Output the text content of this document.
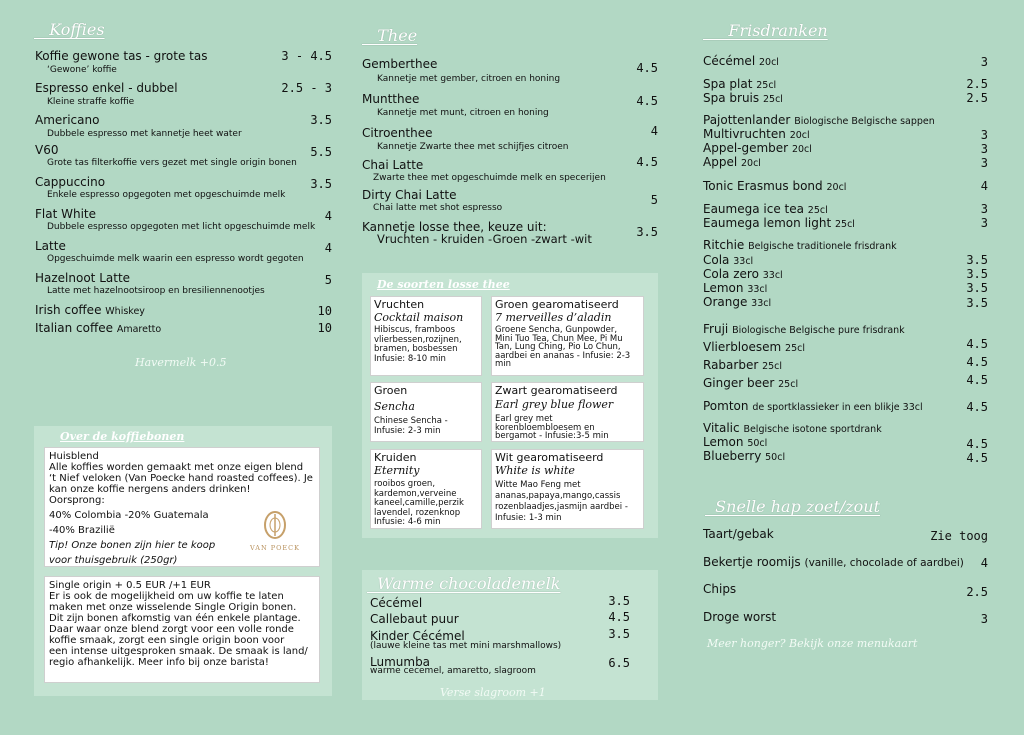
Koffies
Koffie gewone tas - grote tas	3 - 4.5
‘Gewone’ koffie
Espresso enkel - dubbel	2.5 - 3
Kleine straffe koffie
Americano	3.5
Dubbele espresso met kannetje heet water
V60	5.5
Grote tas filterkoffie vers gezet met single origin bonen
Cappuccino	3.5
Enkele espresso opgegoten met opgeschuimde melk
Flat White	4
Dubbele espresso opgegoten met licht opgeschuimde melk
Latte	4
Opgeschuimde melk waarin een espresso wordt gegoten
Hazelnoot Latte	5
Latte met hazelnootsiroop en bresiliennenootjes
Irish coffee Whiskey	10
Italian coffee Amaretto	10
Havermelk +0.5
Over de koffiebonen
Huisblend
Alle koffies worden gemaakt met onze eigen blend
‘t Nief veloken (Van Poecke hand roasted coffees). Je
kan onze koffie nergens anders drinken!
Oorsprong:
40% Colombia -20% Guatemala
-40% Brazilië
Tip! Onze bonen zijn hier te koop
voor thuisgebruik (250gr)
VAN POECK
Single origin + 0.5 EUR /+1 EUR
Er is ook de mogelijkheid om uw koffie te laten
maken met onze wisselende Single Origin bonen.
Dit zijn bonen afkomstig van één enkele plantage.
Daar waar onze blend zorgt voor een volle ronde
koffie smaak, zorgt een single origin boon voor
een intense uitgesproken smaak. De smaak is land/
regio afhankelijk. Meer info bij onze barista!
Thee
Gemberthee	4.5
Kannetje met gember, citroen en honing
Muntthee	4.5
Kannetje met munt, citroen en honing
Citroenthee	4
Kannetje Zwarte thee met schijfjes citroen
Chai Latte	4.5
Zwarte thee met opgeschuimde melk en specerijen
Dirty Chai Latte	5
Chai latte met shot espresso
Kannetje losse thee, keuze uit:	3.5
Vruchten - kruiden -Groen -zwart -wit
De soorten losse thee
Vruchten
Cocktail maison
Hibiscus, framboos
vlierbessen,rozijnen,
bramen, bosbessen
Infusie: 8-10 min
Groen gearomatiseerd
7 merveilles d’aladin
Groene Sencha, Gunpowder,
Mini Tuo Tea, Chun Mee, Pi Mu
Tan, Lung Ching, Pio Lo Chun,
aardbei en ananas - Infusie: 2-3
min
Groen
Sencha
Chinese Sencha -
Infusie: 2-3 min
Zwart gearomatiseerd
Earl grey blue flower
Earl grey met
korenbloembloesem en
bergamot - Infusie:3-5 min
Kruiden
Eternity
rooibos groen,
kardemon,verveine
kaneel,camille,perzik
lavendel, rozenknop
Infusie: 4-6 min
Wit gearomatiseerd
White is white
Witte Mao Feng met
ananas,papaya,mango,cassis
rozenblaadjes,jasmijn aardbei -
Infusie: 1-3 min
Warme chocolademelk
Cécémel	3.5
Callebaut puur	4.5
Kinder Cécémel	3.5
(lauwe kleine tas met mini marshmallows)
Lumumba	6.5
warme cecemel, amaretto, slagroom
Verse slagroom +1
Frisdranken
Cécémel 20cl	3
Spa plat 25cl	2.5
Spa bruis 25cl	2.5
Pajottenlander Biologische Belgische sappen
Multivruchten 20cl	3
Appel-gember 20cl	3
Appel 20cl	3
Tonic Erasmus bond 20cl	4
Eaumega ice tea 25cl	3
Eaumega lemon light 25cl	3
Ritchie Belgische traditionele frisdrank
Cola 33cl	3.5
Cola zero 33cl	3.5
Lemon 33cl	3.5
Orange 33cl	3.5
Fruji Biologische Belgische pure frisdrank
Vlierbloesem 25cl	4.5
Rabarber 25cl	4.5
Ginger beer 25cl	4.5
Pomton de sportklassieker in een blikje 33cl	4.5
Vitalic Belgische isotone sportdrank
Lemon 50cl	4.5
Blueberry 50cl	4.5
Snelle hap zoet/zout
Taart/gebak	Zie toog
Bekertje roomijs (vanille, chocolade of aardbei) 4
Chips	2.5
Droge worst	3
Meer honger? Bekijk onze menukaart
